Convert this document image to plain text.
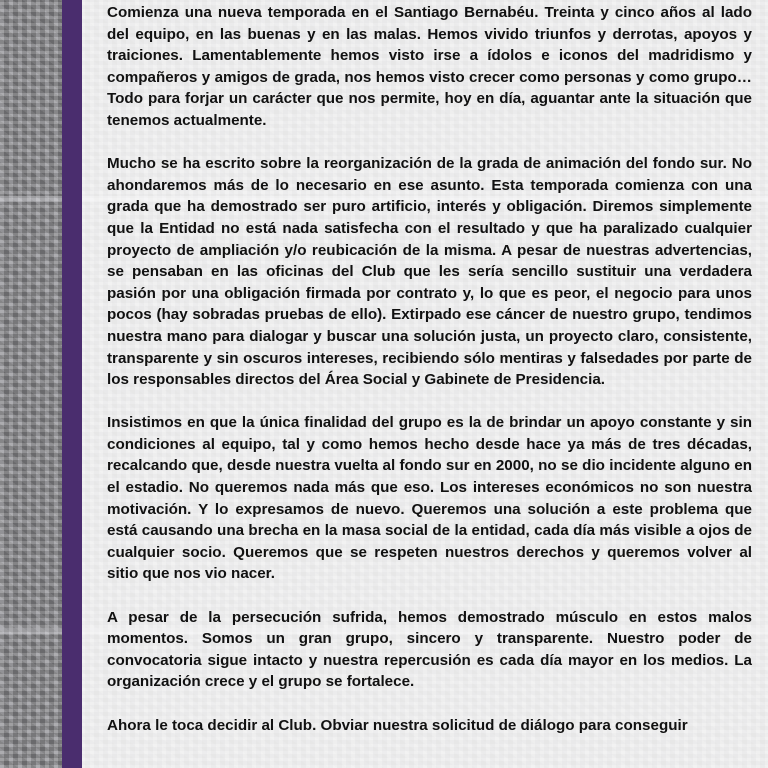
Comienza una nueva temporada en el Santiago Bernabéu. Treinta y cinco años al lado del equipo, en las buenas y en las malas. Hemos vivido triunfos y derrotas, apoyos y traiciones. Lamentablemente hemos visto irse a ídolos e iconos del madridismo y compañeros y amigos de grada, nos hemos visto crecer como personas y como grupo… Todo para forjar un carácter que nos permite, hoy en día, aguantar ante la situación que tenemos actualmente.

Mucho se ha escrito sobre la reorganización de la grada de animación del fondo sur. No ahondaremos más de lo necesario en ese asunto. Esta temporada comienza con una grada que ha demostrado ser puro artificio, interés y obligación. Diremos simplemente que la Entidad no está nada satisfecha con el resultado y que ha paralizado cualquier proyecto de ampliación y/o reubicación de la misma. A pesar de nuestras advertencias, se pensaban en las oficinas del Club que les sería sencillo sustituir una verdadera pasión por una obligación firmada por contrato y, lo que es peor, el negocio para unos pocos (hay sobradas pruebas de ello). Extirpado ese cáncer de nuestro grupo, tendimos nuestra mano para dialogar y buscar una solución justa, un proyecto claro, consistente, transparente y sin oscuros intereses, recibiendo sólo mentiras y falsedades por parte de los responsables directos del Área Social y Gabinete de Presidencia.

Insistimos en que la única finalidad del grupo es la de brindar un apoyo constante y sin condiciones al equipo, tal y como hemos hecho desde hace ya más de tres décadas, recalcando que, desde nuestra vuelta al fondo sur en 2000, no se dio incidente alguno en el estadio. No queremos nada más que eso. Los intereses económicos no son nuestra motivación. Y lo expresamos de nuevo. Queremos una solución a este problema que está causando una brecha en la masa social de la entidad, cada día más visible a ojos de cualquier socio. Queremos que se respeten nuestros derechos y queremos volver al sitio que nos vio nacer.

A pesar de la persecución sufrida, hemos demostrado músculo en estos malos momentos. Somos un gran grupo, sincero y transparente. Nuestro poder de convocatoria sigue intacto y nuestra repercusión es cada día mayor en los medios. La organización crece y el grupo se fortalece.

Ahora le toca decidir al Club. Obviar nuestra solicitud de diálogo para conseguir
